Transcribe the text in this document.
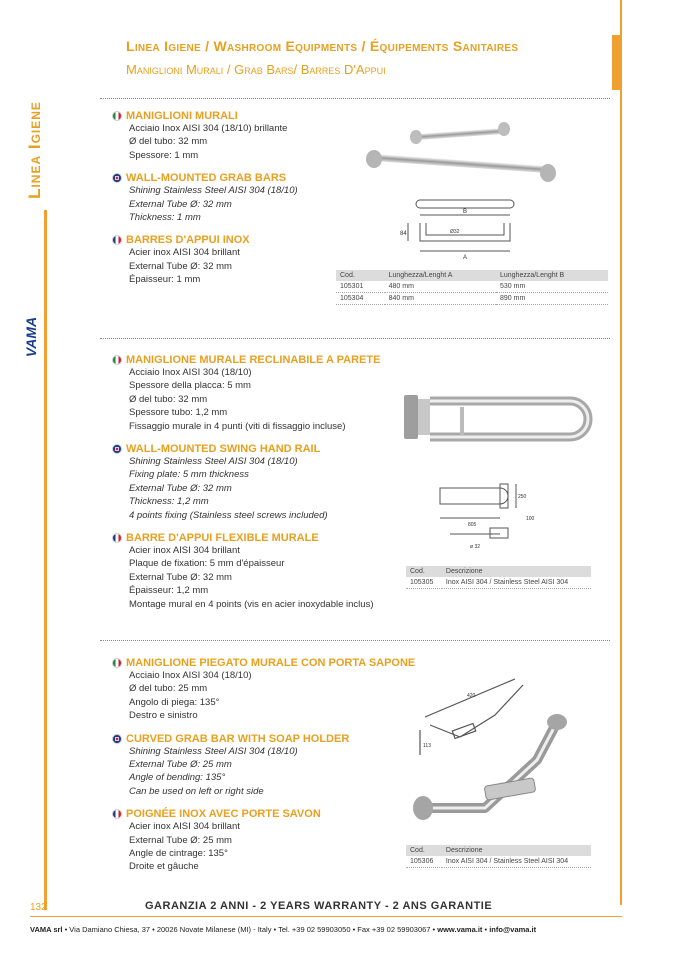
Linea Igiene
VAMA
Linea Igiene / Washroom Equipments / Équipements Sanitaires
Maniglioni Murali / Grab Bars/ Barres D'Appui
MANIGLIONI MURALI
Acciaio Inox AISI 304 (18/10) brillante
Ø del tubo: 32 mm
Spessore: 1 mm
WALL-MOUNTED GRAB BARS
Shining Stainless Steel AISI 304 (18/10)
External Tube Ø: 32 mm
Thickness: 1 mm
BARRES D'APPUI INOX
Acier inox AISI 304 brillant
External Tube Ø: 32 mm
Épaisseur: 1 mm
B
A
84	Ø32
Cod.	Lunghezza/Lenght A	Lunghezza/Lenght B
105301	480 mm	530 mm
105304	840 mm	890 mm
MANIGLIONE MURALE RECLINABILE A PARETE
Acciaio Inox AISI 304 (18/10)
Spessore della placca: 5 mm
Ø del tubo: 32 mm
Spessore tubo: 1,2 mm
Fissaggio murale in 4 punti (viti di fissaggio incluse)
WALL-MOUNTED SWING HAND RAIL
Shining Stainless Steel AISI 304 (18/10)
Fixing plate: 5 mm thickness
External Tube Ø: 32 mm
Thickness: 1,2 mm
4 points fixing (Stainless steel screws included)
BARRE D'APPUI FLEXIBLE MURALE
Acier inox AISI 304 brillant
Plaque de fixation: 5 mm d'épaisseur
External Tube Ø: 32 mm
Épaisseur: 1,2 mm
Montage mural en 4 points (vis en acier inoxydable inclus)
805
250
100
ø 32
Cod.	Descrizione
105305	Inox AISI 304 / Stainless Steel AISI 304
MANIGLIONE PIEGATO MURALE CON PORTA SAPONE
Acciaio Inox AISI 304 (18/10)
Ø del tubo: 25 mm
Angolo di piega: 135°
Destro e sinistro
CURVED GRAB BAR WITH SOAP HOLDER
Shining Stainless Steel AISI 304 (18/10)
External Tube Ø: 25 mm
Angle of bending: 135°
Can be used on left or right side
POIGNÉE INOX AVEC PORTE SAVON
Acier inox AISI 304 brillant
External Tube Ø: 25 mm
Angle de cintrage: 135°
Droite et gâuche
420
113
Cod.	Descrizione
105306	Inox AISI 304 / Stainless Steel AISI 304
132	GARANZIA 2 ANNI - 2 YEARS WARRANTY - 2 ANS GARANTIE
VAMA srl • Via Damiano Chiesa, 37 • 20026 Novate Milanese (MI) - Italy • Tel. +39 02 59903050 • Fax +39 02 59903067 • www.vama.it • info@vama.it
